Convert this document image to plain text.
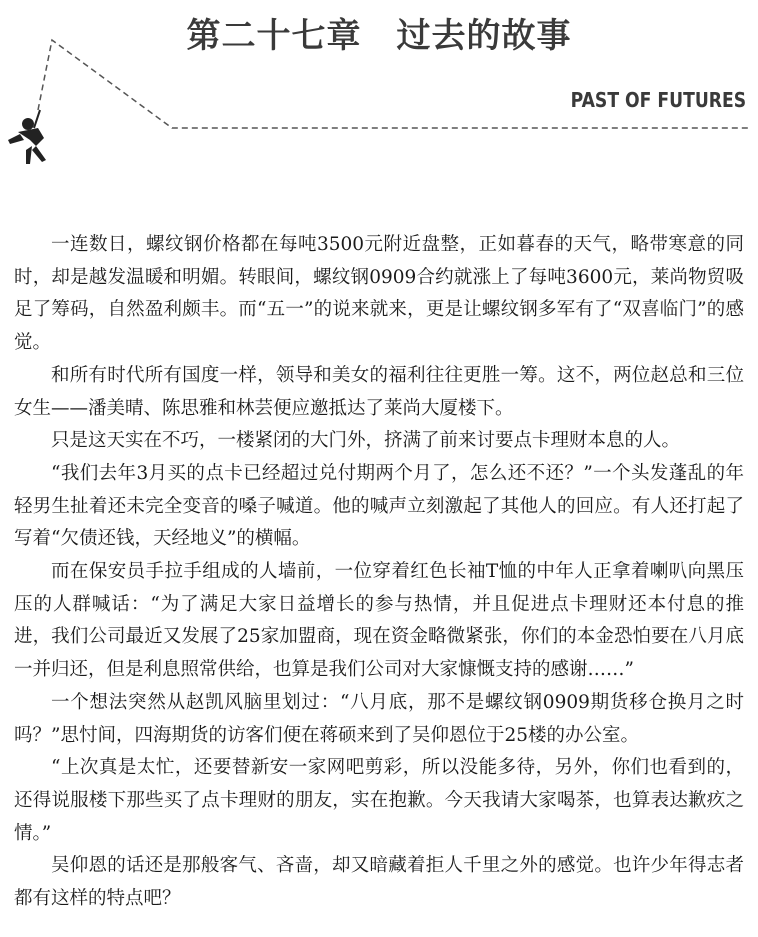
第二十七章　过去的故事
PAST OF FUTURES

一连数日，螺纹钢价格都在每吨3500元附近盘整，正如暮春的天气，略带寒意的同时，却是越发温暖和明媚。转眼间，螺纹钢0909合约就涨上了每吨3600元，莱尚物贸吸足了筹码，自然盈利颇丰。而“五一”的说来就来，更是让螺纹钢多军有了“双喜临门”的感觉。

和所有时代所有国度一样，领导和美女的福利往往更胜一筹。这不，两位赵总和三位女生——潘美晴、陈思雅和林芸便应邀抵达了莱尚大厦楼下。

只是这天实在不巧，一楼紧闭的大门外，挤满了前来讨要点卡理财本息的人。

“我们去年3月买的点卡已经超过兑付期两个月了，怎么还不还？”一个头发蓬乱的年轻男生扯着还未完全变音的嗓子喊道。他的喊声立刻激起了其他人的回应。有人还打起了写着“欠债还钱，天经地义”的横幅。

而在保安员手拉手组成的人墙前，一位穿着红色长袖T恤的中年人正拿着喇叭向黑压压的人群喊话：“为了满足大家日益增长的参与热情，并且促进点卡理财还本付息的推进，我们公司最近又发展了25家加盟商，现在资金略微紧张，你们的本金恐怕要在八月底一并归还，但是利息照常供给，也算是我们公司对大家慷慨支持的感谢……”

一个想法突然从赵凯风脑里划过：“八月底，那不是螺纹钢0909期货移仓换月之时吗？”思忖间，四海期货的访客们便在蒋硕来到了吴仰恩位于25楼的办公室。

“上次真是太忙，还要替新安一家网吧剪彩，所以没能多待，另外，你们也看到的，还得说服楼下那些买了点卡理财的朋友，实在抱歉。今天我请大家喝茶，也算表达歉疚之情。”

吴仰恩的话还是那般客气、吝啬，却又暗藏着拒人千里之外的感觉。也许少年得志者都有这样的特点吧？
